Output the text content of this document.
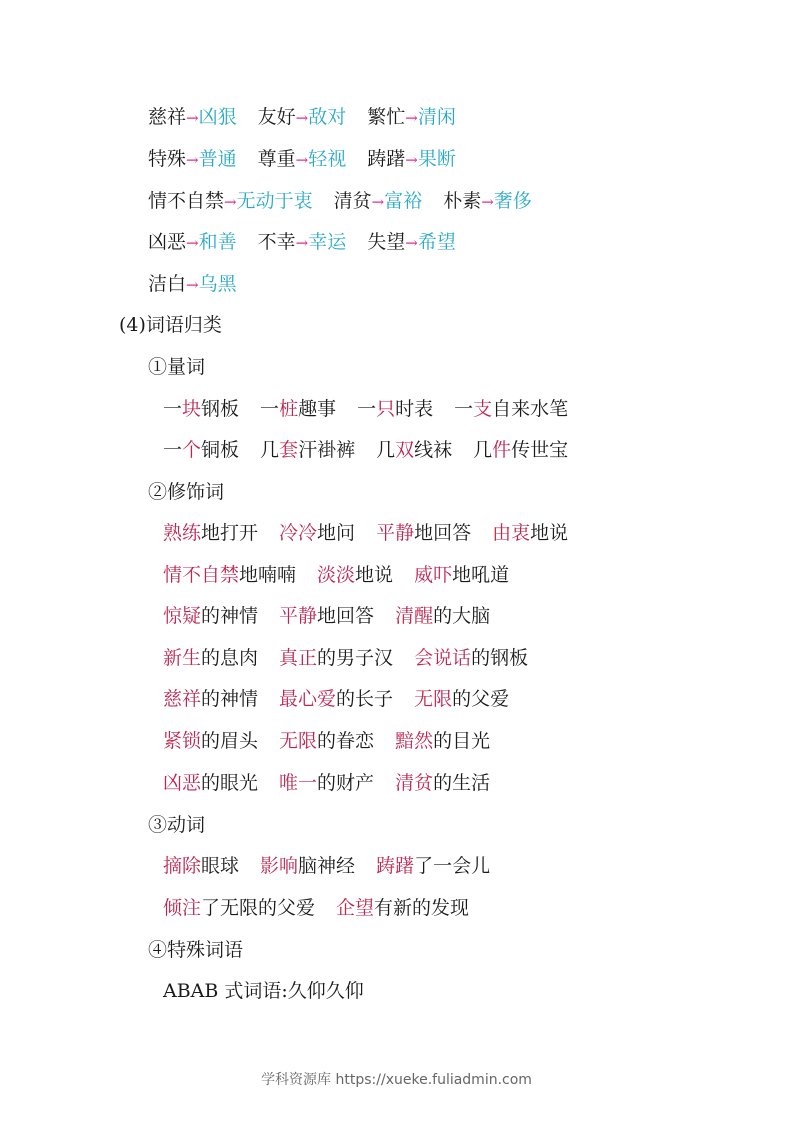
慈祥→凶狠 友好→敌对 繁忙→清闲
特殊→普通 尊重→轻视 踌躇→果断
情不自禁→无动于衷 清贫→富裕 朴素→奢侈
凶恶→和善 不幸→幸运 失望→希望
洁白→乌黑
(4)词语归类
①量词
一块钢板 一桩趣事 一只时表 一支自来水笔
一个铜板 几套汗褂裤 几双线袜 几件传世宝
②修饰词
熟练地打开 冷冷地问 平静地回答 由衷地说
情不自禁地喃喃 淡淡地说 威吓地吼道
惊疑的神情 平静地回答 清醒的大脑
新生的息肉 真正的男子汉 会说话的钢板
慈祥的神情 最心爱的长子 无限的父爱
紧锁的眉头 无限的眷恋 黯然的目光
凶恶的眼光 唯一的财产 清贫的生活
③动词
摘除眼球 影响脑神经 踌躇了一会儿
倾注了无限的父爱 企望有新的发现
④特殊词语
ABAB 式词语:久仰久仰
学科资源库 https://xueke.fuliadmin.com
